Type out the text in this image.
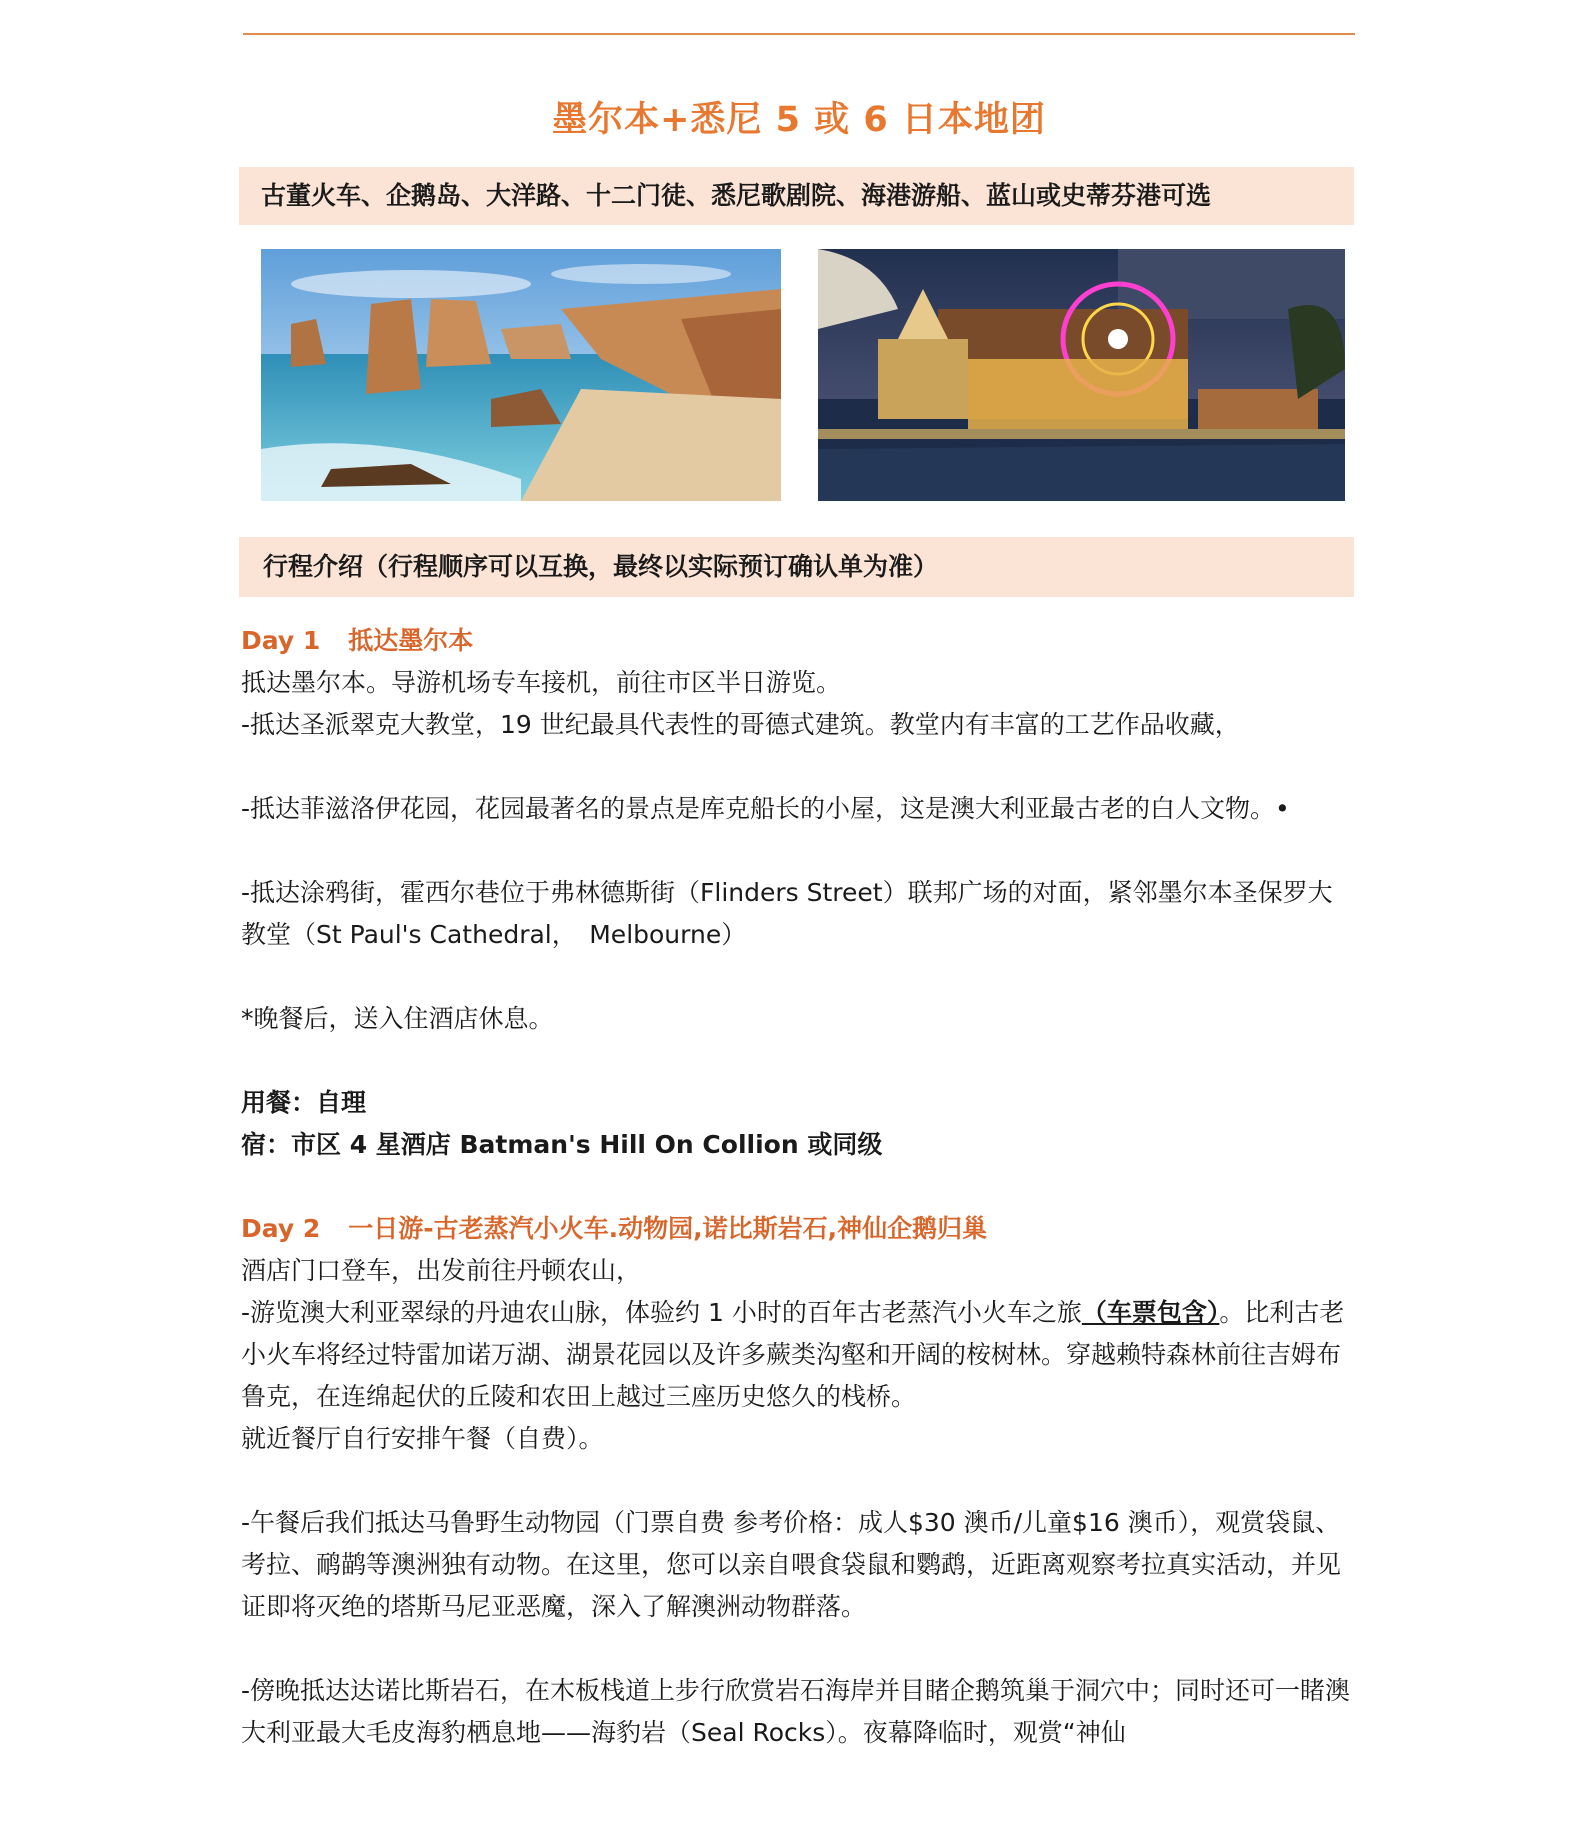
墨尔本+悉尼 5 或 6 日本地团
古董火车、企鹅岛、大洋路、十二门徒、悉尼歌剧院、海港游船、蓝山或史蒂芬港可选
行程介绍（行程顺序可以互换，最终以实际预订确认单为准）

Day 1 抵达墨尔本

抵达墨尔本。导游机场专车接机，前往市区半日游览。

-抵达圣派翠克大教堂，19 世纪最具代表性的哥德式建筑。教堂内有丰富的工艺作品收藏，

-抵达菲滋洛伊花园，花园最著名的景点是库克船长的小屋，这是澳大利亚最古老的白人文物。•

-抵达涂鸦街，霍西尔巷位于弗林德斯街（Flinders Street）联邦广场的对面，紧邻墨尔本圣保罗大教堂（St Paul's Cathedral，　Melbourne）

*晚餐后，送入住酒店休息。

用餐：自理

宿：市区 4 星酒店 Batman's Hill On Collion 或同级

Day 2 一日游-古老蒸汽小火车.动物园,诺比斯岩石,神仙企鹅归巢

酒店门口登车，出发前往丹顿农山，

-游览澳大利亚翠绿的丹迪农山脉，体验约 1 小时的百年古老蒸汽小火车之旅（车票包含）。比利古老小火车将经过特雷加诺万湖、湖景花园以及许多蕨类沟壑和开阔的桉树林。穿越赖特森林前往吉姆布鲁克，在连绵起伏的丘陵和农田上越过三座历史悠久的栈桥。

就近餐厅自行安排午餐（自费）。

-午餐后我们抵达马鲁野生动物园（门票自费 参考价格：成人$30 澳币/儿童$16 澳币），观赏袋鼠、考拉、鸸鹋等澳洲独有动物。在这里，您可以亲自喂食袋鼠和鹦鹉，近距离观察考拉真实活动，并见证即将灭绝的塔斯马尼亚恶魔，深入了解澳洲动物群落。

-傍晚抵达达诺比斯岩石，在木板栈道上步行欣赏岩石海岸并目睹企鹅筑巢于洞穴中；同时还可一睹澳大利亚最大毛皮海豹栖息地——海豹岩（Seal Rocks）。夜幕降临时，观赏“神仙
